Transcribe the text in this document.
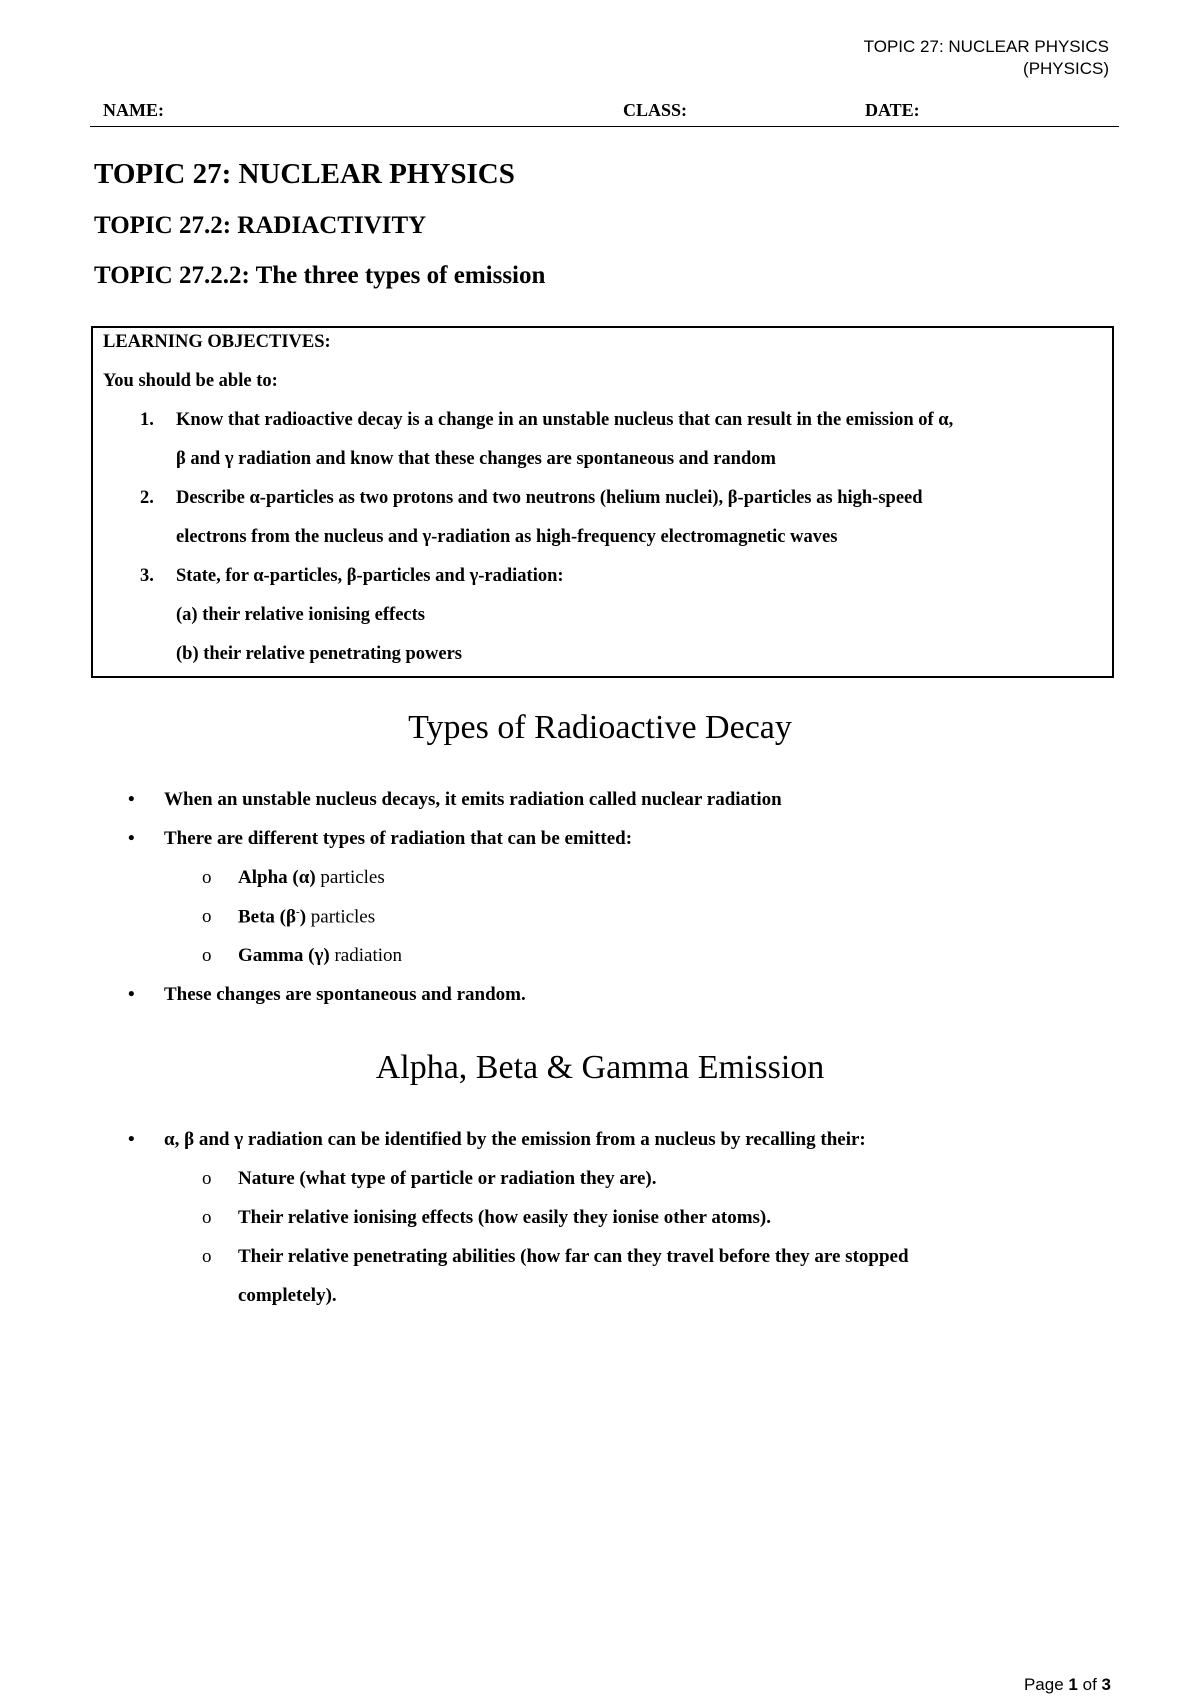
TOPIC 27: NUCLEAR PHYSICS
(PHYSICS)
NAME:	CLASS:	DATE:
TOPIC 27: NUCLEAR PHYSICS
TOPIC 27.2: RADIACTIVITY
TOPIC 27.2.2: The three types of emission
LEARNING OBJECTIVES:
You should be able to:
1. Know that radioactive decay is a change in an unstable nucleus that can result in the emission of α,
β and γ radiation and know that these changes are spontaneous and random
2. Describe α-particles as two protons and two neutrons (helium nuclei), β-particles as high-speed
electrons from the nucleus and γ-radiation as high-frequency electromagnetic waves
3. State, for α-particles, β-particles and γ-radiation:
(a) their relative ionising effects
(b) their relative penetrating powers
Types of Radioactive Decay
• When an unstable nucleus decays, it emits radiation called nuclear radiation
• There are different types of radiation that can be emitted:
o Alpha (α) particles
o Beta (β-) particles
o Gamma (γ) radiation
• These changes are spontaneous and random.
Alpha, Beta & Gamma Emission
• α, β and γ radiation can be identified by the emission from a nucleus by recalling their:
o Nature (what type of particle or radiation they are).
o Their relative ionising effects (how easily they ionise other atoms).
o Their relative penetrating abilities (how far can they travel before they are stopped
completely).
Page 1 of 3
